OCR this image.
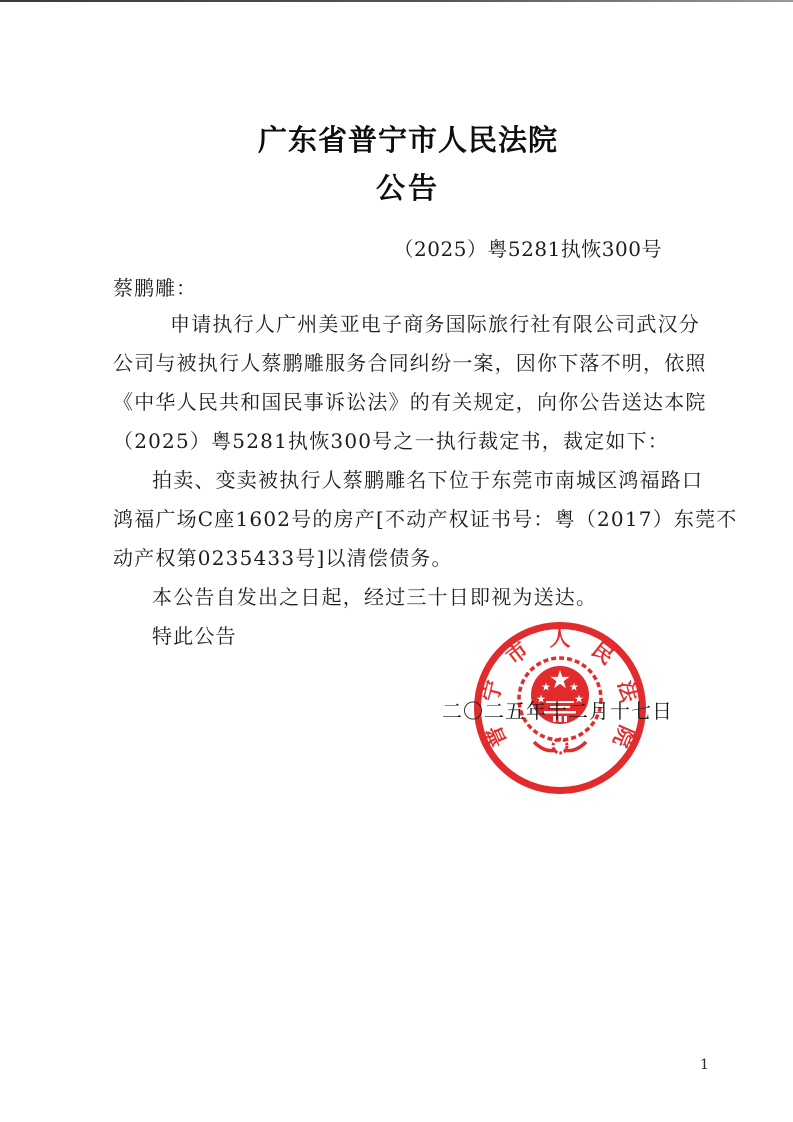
广东省普宁市人民法院
公告
（2025）粤5281执恢300号
蔡鹏雕：
申请执行人广州美亚电子商务国际旅行社有限公司武汉分
公司与被执行人蔡鹏雕服务合同纠纷一案，因你下落不明，依照
《中华人民共和国民事诉讼法》的有关规定，向你公告送达本院
（2025）粤5281执恢300号之一执行裁定书，裁定如下：
拍卖、变卖被执行人蔡鹏雕名下位于东莞市南城区鸿福路口
鸿福广场C座1602号的房产[不动产权证书号：粤（2017）东莞不
动产权第0235433号]以清偿债务。
本公告自发出之日起，经过三十日即视为送达。
特此公告
普
宁
市 人 民
法
院
二〇二五年十二月十七日
1
